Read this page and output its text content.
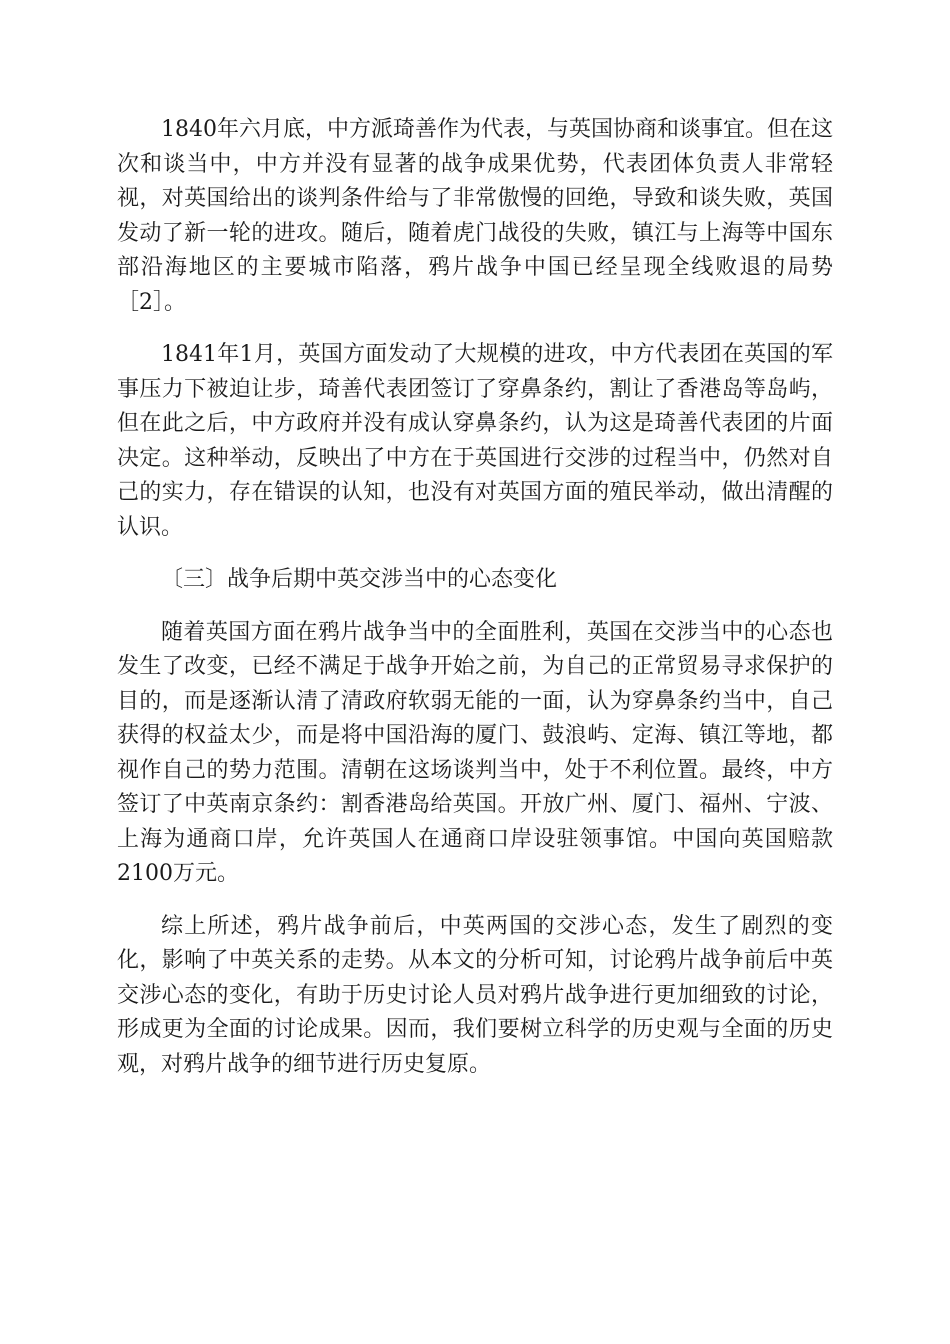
1840年六月底，中方派琦善作为代表，与英国协商和谈事宜。但在这次和谈当中，中方并没有显著的战争成果优势，代表团体负责人非常轻视，对英国给出的谈判条件给与了非常傲慢的回绝，导致和谈失败，英国发动了新一轮的进攻。随后，随着虎门战役的失败，镇江与上海等中国东部沿海地区的主要城市陷落，鸦片战争中国已经呈现全线败退的局势［2］。

1841年1月，英国方面发动了大规模的进攻，中方代表团在英国的军事压力下被迫让步，琦善代表团签订了穿鼻条约，割让了香港岛等岛屿，但在此之后，中方政府并没有成认穿鼻条约，认为这是琦善代表团的片面决定。这种举动，反映出了中方在于英国进行交涉的过程当中，仍然对自己的实力，存在错误的认知，也没有对英国方面的殖民举动，做出清醒的认识。

〔三〕战争后期中英交涉当中的心态变化

随着英国方面在鸦片战争当中的全面胜利，英国在交涉当中的心态也发生了改变，已经不满足于战争开始之前，为自己的正常贸易寻求保护的目的，而是逐渐认清了清政府软弱无能的一面，认为穿鼻条约当中，自己获得的权益太少，而是将中国沿海的厦门、鼓浪屿、定海、镇江等地，都视作自己的势力范围。清朝在这场谈判当中，处于不利位置。最终，中方签订了中英南京条约：割香港岛给英国。开放广州、厦门、福州、宁波、上海为通商口岸，允许英国人在通商口岸设驻领事馆。中国向英国赔款2100万元。

综上所述，鸦片战争前后，中英两国的交涉心态，发生了剧烈的变化，影响了中英关系的走势。从本文的分析可知，讨论鸦片战争前后中英交涉心态的变化，有助于历史讨论人员对鸦片战争进行更加细致的讨论，形成更为全面的讨论成果。因而，我们要树立科学的历史观与全面的历史观，对鸦片战争的细节进行历史复原。
